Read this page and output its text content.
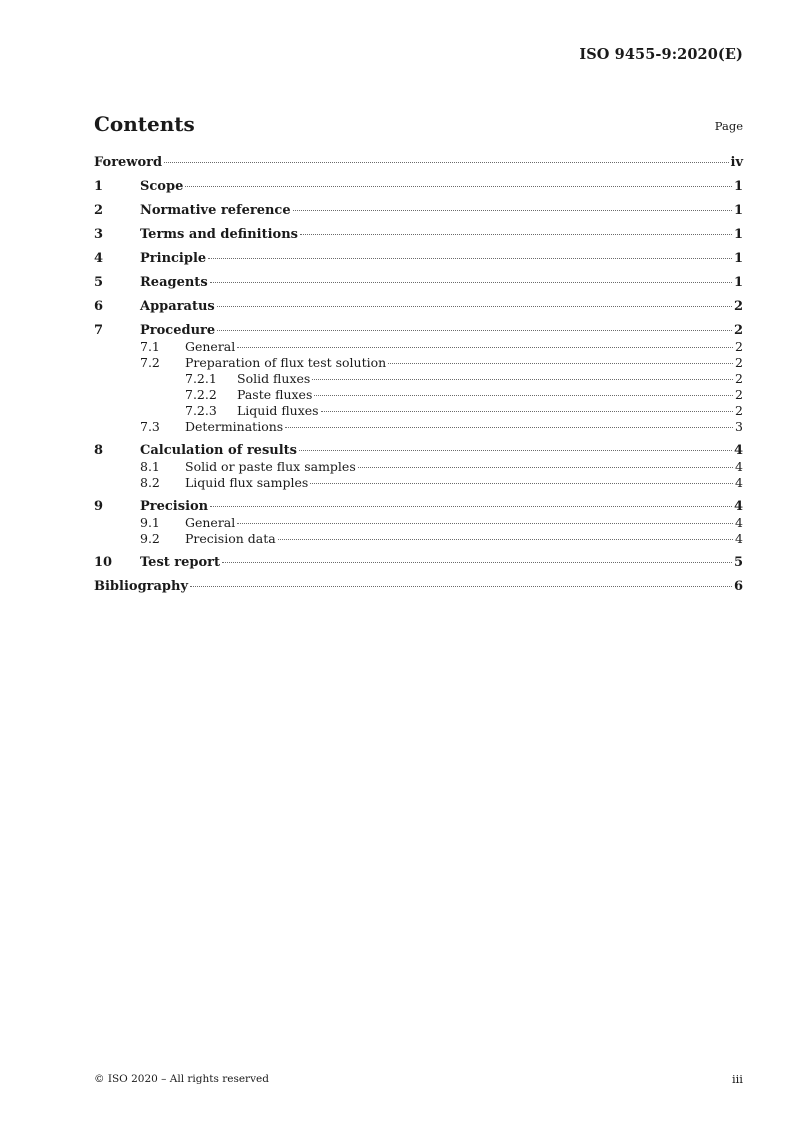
ISO 9455-9:2020(E)
Contents	Page
Foreword	iv
1	Scope	1
2	Normative reference	1
3	Terms and definitions	1
4	Principle	1
5	Reagents	1
6	Apparatus	2
7	Procedure	2
7.1	General	2
7.2	Preparation of flux test solution	2
7.2.1	Solid fluxes	2
7.2.2	Paste fluxes	2
7.2.3	Liquid fluxes	2
7.3	Determinations	3
8	Calculation of results	4
8.1	Solid or paste flux samples	4
8.2	Liquid flux samples	4
9	Precision	4
9.1	General	4
9.2	Precision data	4
10	Test report	5
Bibliography	6
© ISO 2020 – All rights reserved	iii
